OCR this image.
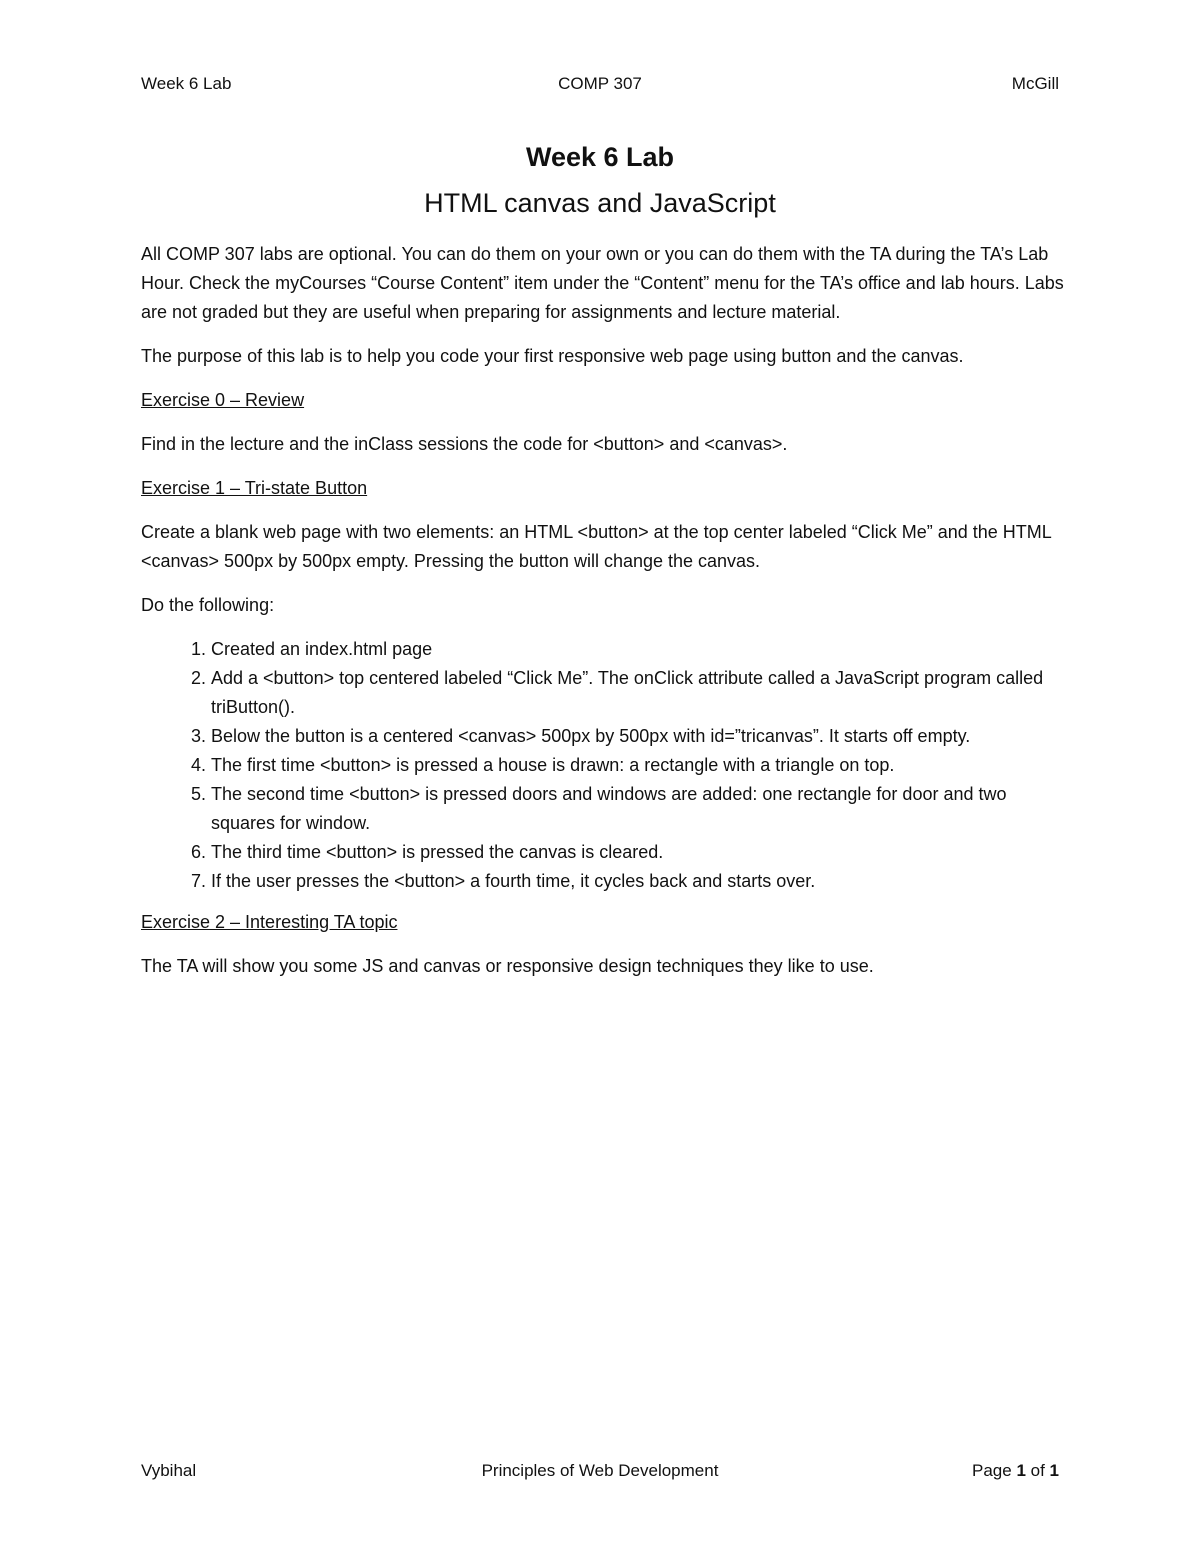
Week 6 Lab	COMP 307	McGill
Week 6 Lab
HTML canvas and JavaScript

All COMP 307 labs are optional. You can do them on your own or you can do them with the TA during the TA’s Lab Hour. Check the myCourses “Course Content” item under the “Content” menu for the TA’s office and lab hours. Labs are not graded but they are useful when preparing for assignments and lecture material.

The purpose of this lab is to help you code your first responsive web page using button and the canvas.

Exercise 0 – Review

Find in the lecture and the inClass sessions the code for <button> and <canvas>.

Exercise 1 – Tri-state Button

Create a blank web page with two elements: an HTML <button> at the top center labeled “Click Me” and the HTML <canvas> 500px by 500px empty. Pressing the button will change the canvas.

Do the following:

1. Created an index.html page
2. Add a <button> top centered labeled “Click Me”. The onClick attribute called a JavaScript program called triButton().
3. Below the button is a centered <canvas> 500px by 500px with id=”tricanvas”. It starts off empty.
4. The first time <button> is pressed a house is drawn: a rectangle with a triangle on top.
5. The second time <button> is pressed doors and windows are added: one rectangle for door and two squares for window.
6. The third time <button> is pressed the canvas is cleared.
7. If the user presses the <button> a fourth time, it cycles back and starts over.

Exercise 2 – Interesting TA topic

The TA will show you some JS and canvas or responsive design techniques they like to use.

Vybihal	Principles of Web Development	Page 1 of 1
